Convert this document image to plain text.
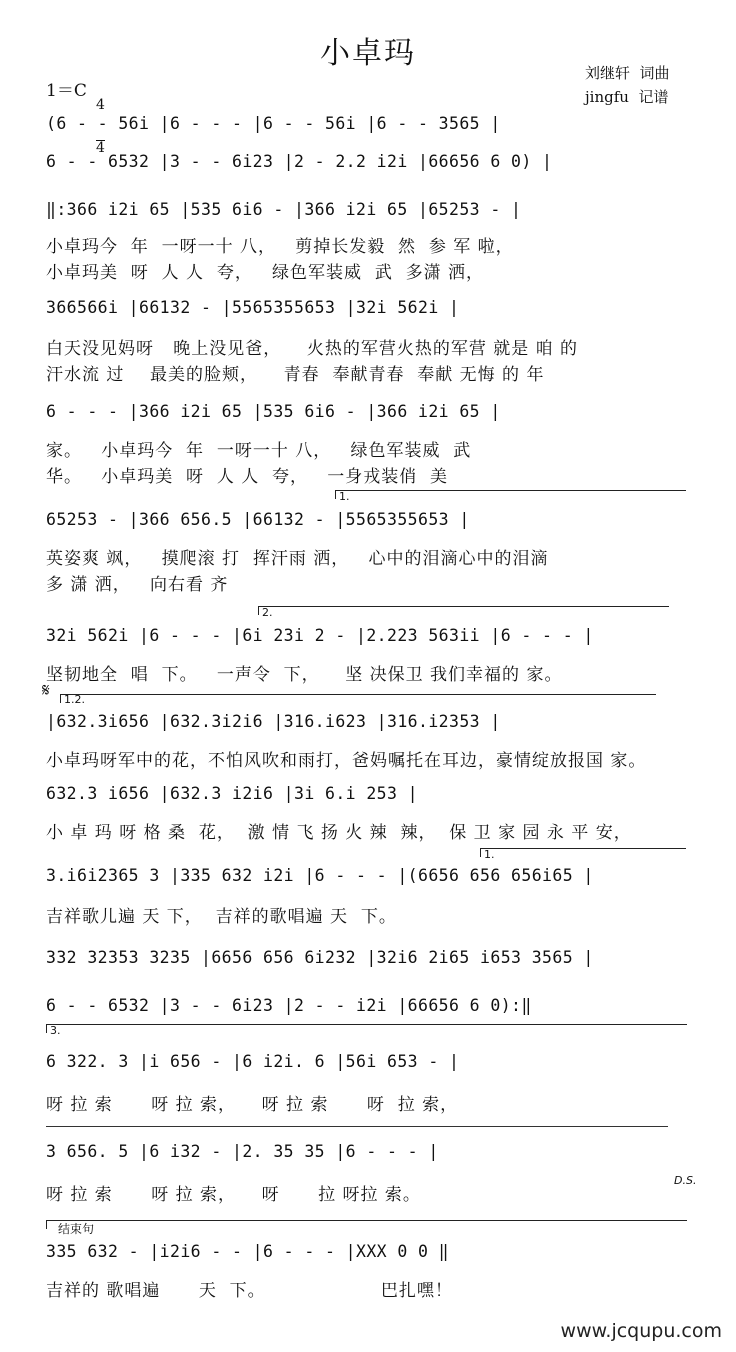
小卓玛
刘继轩  词曲
jingfu  记谱
1＝C

4

4

(6 - - 56i |6 - - - |6 - - 56i |6 - - 3565 |
6 - - 6532 |3 - - 6i23 |2 - 2.2 i2i |66656 6 0) |
‖:366 i2i 65 |535 6i6 - |366 i2i 65 |65253 - |
小卓玛今  年  一呀一十 八，   剪掉长发毅  然  参 军 啦，
小卓玛美  呀  人 人  夸，   绿色军装威  武  多潇 洒，
366566i |66132 - |5565355653 |32i 562i |
白天没见妈呀   晚上没见爸，    火热的军营火热的军营 就是 咱 的
汗水流 过    最美的脸颊，    青春  奉献青春  奉献 无悔 的 年
6 - - - |366 i2i 65 |535 6i6 - |366 i2i 65 |
家。   小卓玛今  年  一呀一十 八，   绿色军装威  武
华。   小卓玛美  呀  人 人  夸，   一身戎装俏  美
1.
65253 - |366 656.5 |66132 - |5565355653 |
英姿爽 飒，   摸爬滚 打  挥汗雨 洒，   心中的泪滴心中的泪滴
多 潇 洒，   向右看 齐
2.
32i 562i |6 - - - |6i 23i 2 - |2.223 563ii |6 - - - |
坚韧地全  唱  下。   一声令  下，    坚 决保卫 我们幸福的 家。
𝄋 1.2.
|632.3i656 |632.3i2i6 |316.i623 |316.i2353 |
小卓玛呀军中的花，不怕风吹和雨打，爸妈嘱托在耳边，豪情绽放报国 家。
632.3 i656 |632.3 i2i6 |3i 6.i 253 |
小 卓 玛 呀 格 桑  花，  激 情 飞 扬 火 辣  辣，  保 卫 家 园 永 平 安，
1.
3.i6i2365 3 |335 632 i2i |6 - - - |(6656 656 656i65 |
吉祥歌儿遍 天 下，  吉祥的歌唱遍 天  下。
332 32353 3235 |6656 656 6i232 |32i6 2i65 i653 3565 |
6 - - 6532 |3 - - 6i23 |2 - - i2i |66656 6 0):‖
3.
6 322. 3 |i 656 - |6 i2i. 6 |56i 653 - |
呀 拉 索      呀 拉 索，    呀 拉 索      呀  拉 索，
3 656. 5 |6 i32 - |2. 35 35 |6 - - - |
呀 拉 索      呀 拉 索，    呀      拉 呀拉 索。
D.S.
结束句
335 632 - |i2i6 - - |6 - - - |XXX 0 0 ‖
吉祥的 歌唱遍      天  下。                  巴扎嘿！
www.jcqupu.com
